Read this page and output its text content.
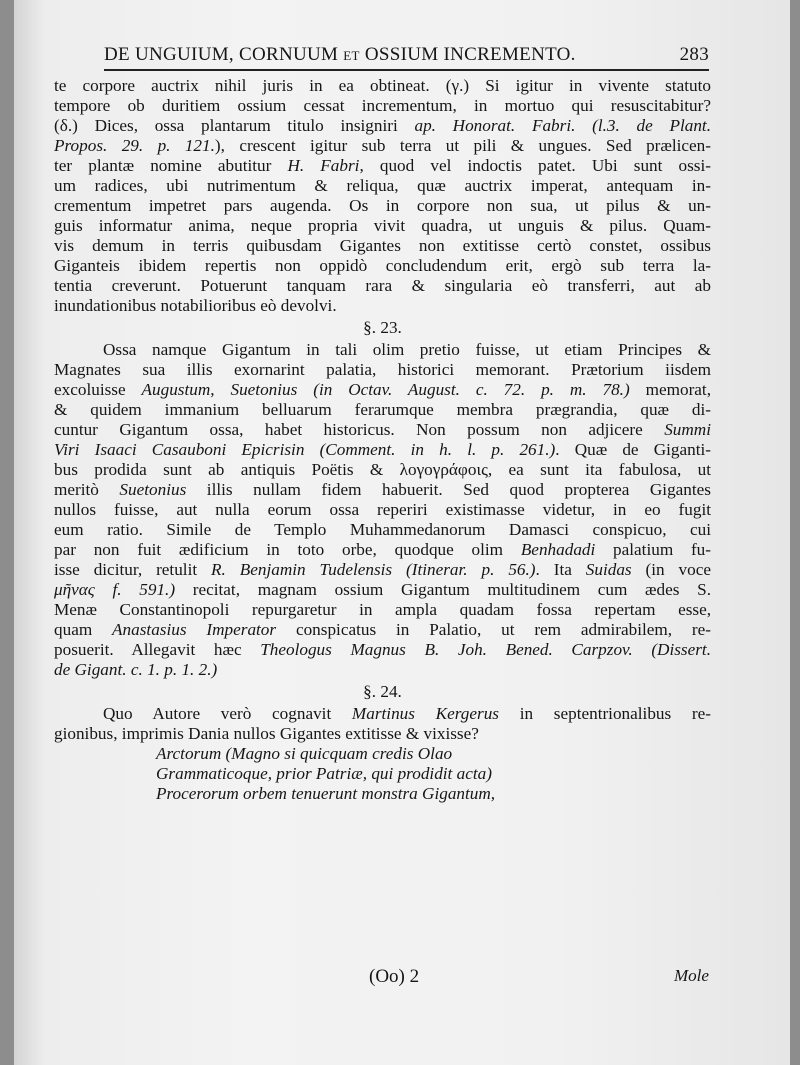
DE UNGUIUM, CORNUUM ET OSSIUM INCREMENTO.	283
te corpore auctrix nihil juris in ea obtineat. (γ.) Si igitur in vivente statuto
tempore ob duritiem ossium cessat incrementum, in mortuo qui resuscitabitur?
(δ.) Dices, ossa plantarum titulo insigniri ap. Honorat. Fabri. (l.3. de Plant.
Propos. 29. p. 121.), crescent igitur sub terra ut pili & ungues. Sed prælicen-
ter plantæ nomine abutitur H. Fabri, quod vel indoctis patet. Ubi sunt ossi-
um radices, ubi nutrimentum & reliqua, quæ auctrix imperat, antequam in-
crementum impetret pars augenda. Os in corpore non sua, ut pilus & un-
guis informatur anima, neque propria vivit quadra, ut unguis & pilus. Quam-
vis demum in terris quibusdam Gigantes non extitisse certò constet, ossibus
Giganteis ibidem repertis non oppidò concludendum erit, ergò sub terra la-
tentia creverunt. Potuerunt tanquam rara & singularia eò transferri, aut ab
inundationibus notabilioribus eò devolvi.
§. 23.
Ossa namque Gigantum in tali olim pretio fuisse, ut etiam Principes &
Magnates sua illis exornarint palatia, historici memorant. Prætorium iisdem
excoluisse Augustum, Suetonius (in Octav. August. c. 72. p. m. 78.) memorat,
& quidem immanium belluarum ferarumque membra prægrandia, quæ di-
cuntur Gigantum ossa, habet historicus. Non possum non adjicere Summi
Viri Isaaci Casauboni Epicrisin (Comment. in h. l. p. 261.). Quæ de Giganti-
bus prodida sunt ab antiquis Poëtis & λογογράφοις, ea sunt ita fabulosa, ut
meritò Suetonius illis nullam fidem habuerit. Sed quod propterea Gigantes
nullos fuisse, aut nulla eorum ossa reperiri existimasse videtur, in eo fugit
eum ratio. Simile de Templo Muhammedanorum Damasci conspicuo, cui
par non fuit ædificium in toto orbe, quodque olim Benhadadi palatium fu-
isse dicitur, retulit R. Benjamin Tudelensis (Itinerar. p. 56.). Ita Suidas (in voce
μῆνας f. 591.) recitat, magnam ossium Gigantum multitudinem cum ædes S.
Menæ Constantinopoli repurgaretur in ampla quadam fossa repertam esse,
quam Anastasius Imperator conspicatus in Palatio, ut rem admirabilem, re-
posuerit. Allegavit hæc Theologus Magnus B. Joh. Bened. Carpzov. (Dissert.
de Gigant. c. 1. p. 1. 2.)
§. 24.
Quo Autore verò cognavit Martinus Kergerus in septentrionalibus re-
gionibus, imprimis Dania nullos Gigantes extitisse & vixisse?
Arctorum (Magno si quicquam credis Olao
Grammaticoque, prior Patriæ, qui prodidit acta)
Procerorum orbem tenuerunt monstra Gigantum,
(Oo) 2	Mole
